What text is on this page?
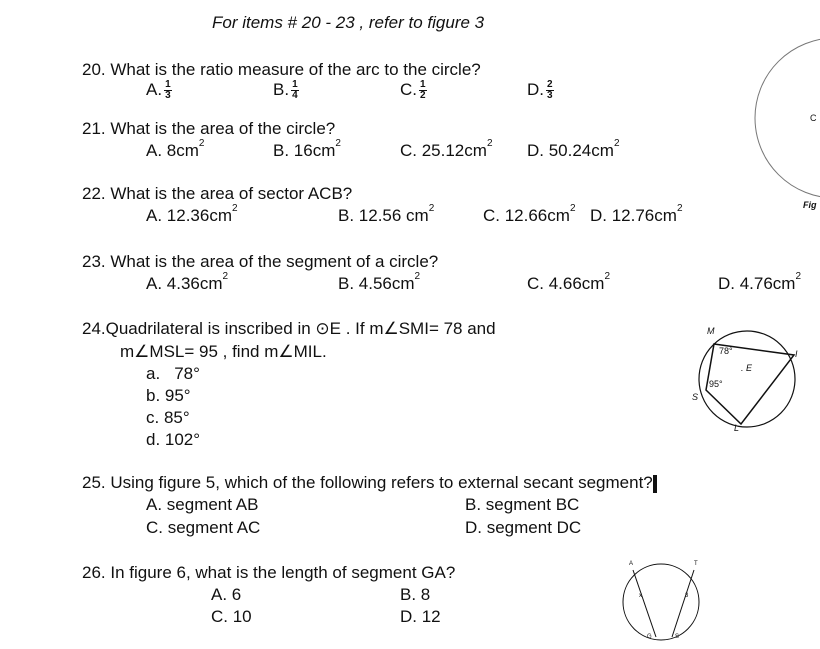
For items # 20 - 23 , refer to figure 3
20. What is the ratio measure of the arc to the circle?
A. $\frac{1}{3}$	B. $\frac{1}{4}$	C. $\frac{1}{2}$	D. $\frac{2}{3}$
21. What is the area of the circle?
A. $8cm^2$	B. $16cm^2$	C. $25.12cm^2$ D. $50.24cm^2$
22. What is the area of sector ACB?
A. $12.36cm^2$	B. 12.56 $cm^2$	C. $12.66cm^2$ D. $12.76cm^2$
23. What is the area of the segment of a circle?
A. $4.36cm^2$	B. $4.56cm^2$	C. $4.66cm^2$	D. $4.76cm^2$
24.Quadrilateral is inscribed in ⊙E . If m∠SMI= 78 and
m∠MSL= 95 , find m∠MIL.
a. 78°
b. 95°
c. 85°
d. 102°
25. Using figure 5, which of the following refers to external secant segment?
A. segment AB	B. segment BC
C. segment AC	D. segment DC
26. In figure 6, what is the length of segment GA?
A. 6	B. 8
C. 10	D. 12
C
Fig
M
I
. E
S
L
78°
95°
A	T
x	3
G	S
